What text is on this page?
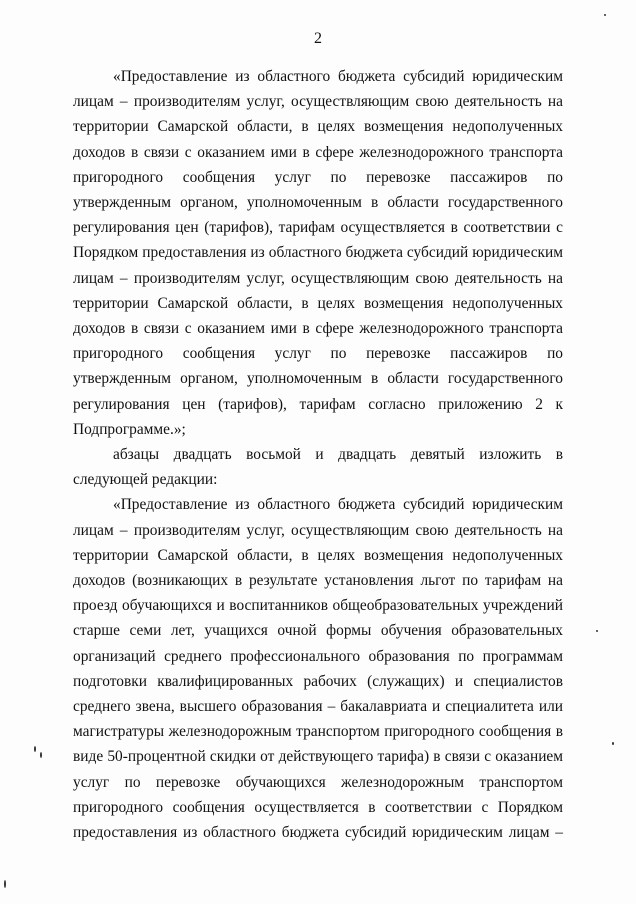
2

«Предоставление из областного бюджета субсидий юридическим лицам – производителям услуг, осуществляющим свою деятельность на территории Самарской области, в целях возмещения недополученных доходов в связи с оказанием ими в сфере железнодорожного транспорта пригородного сообщения услуг по перевозке пассажиров по утвержденным органом, уполномоченным в области государственного регулирования цен (тарифов), тарифам осуществляется в соответствии с Порядком предоставления из областного бюджета субсидий юридическим лицам – производителям услуг, осуществляющим свою деятельность на территории Самарской области, в целях возмещения недополученных доходов в связи с оказанием ими в сфере железнодорожного транспорта пригородного сообщения услуг по перевозке пассажиров по утвержденным органом, уполномоченным в области государственного регулирования цен (тарифов), тарифам согласно приложению 2 к Подпрограмме.»;

абзацы двадцать восьмой и двадцать девятый изложить в следующей редакции:

«Предоставление из областного бюджета субсидий юридическим лицам – производителям услуг, осуществляющим свою деятельность на территории Самарской области, в целях возмещения недополученных доходов (возникающих в результате установления льгот по тарифам на проезд обучающихся и воспитанников общеобразовательных учреждений старше семи лет, учащихся очной формы обучения образовательных организаций среднего профессионального образования по программам подготовки квалифицированных рабочих (служащих) и специалистов среднего звена, высшего образования – бакалавриата и специалитета или магистратуры железнодорожным транспортом пригородного сообщения в виде 50-процентной скидки от действующего тарифа) в связи с оказанием услуг по перевозке обучающихся железнодорожным транспортом пригородного сообщения осуществляется в соответствии с Порядком предоставления из областного бюджета субсидий юридическим лицам –
